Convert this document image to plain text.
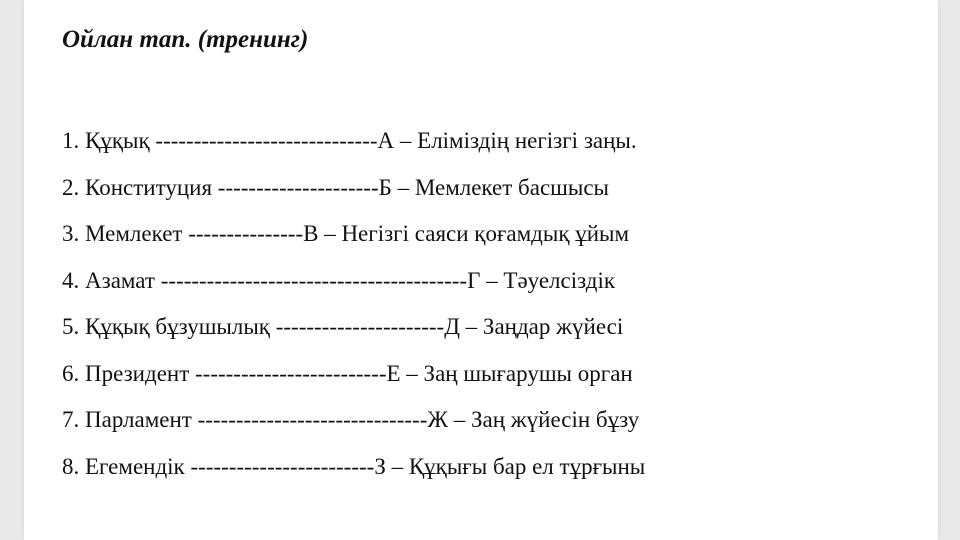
Ойлан тап. (тренинг)
1. Құқық -----------------------------А – Еліміздің негізгі заңы.
2. Конституция ---------------------Б – Мемлекет басшысы
3. Мемлекет ---------------В – Негізгі саяси қоғамдық ұйым
4. Азамат ----------------------------------------Г – Тәуелсіздік
5. Құқық бұзушылық ----------------------Д – Заңдар жүйесі
6. Президент -------------------------Е – Заң шығарушы орган
7. Парламент ------------------------------Ж – Заң жүйесін бұзу
8. Егемендік ------------------------З – Құқығы бар ел тұрғыны
